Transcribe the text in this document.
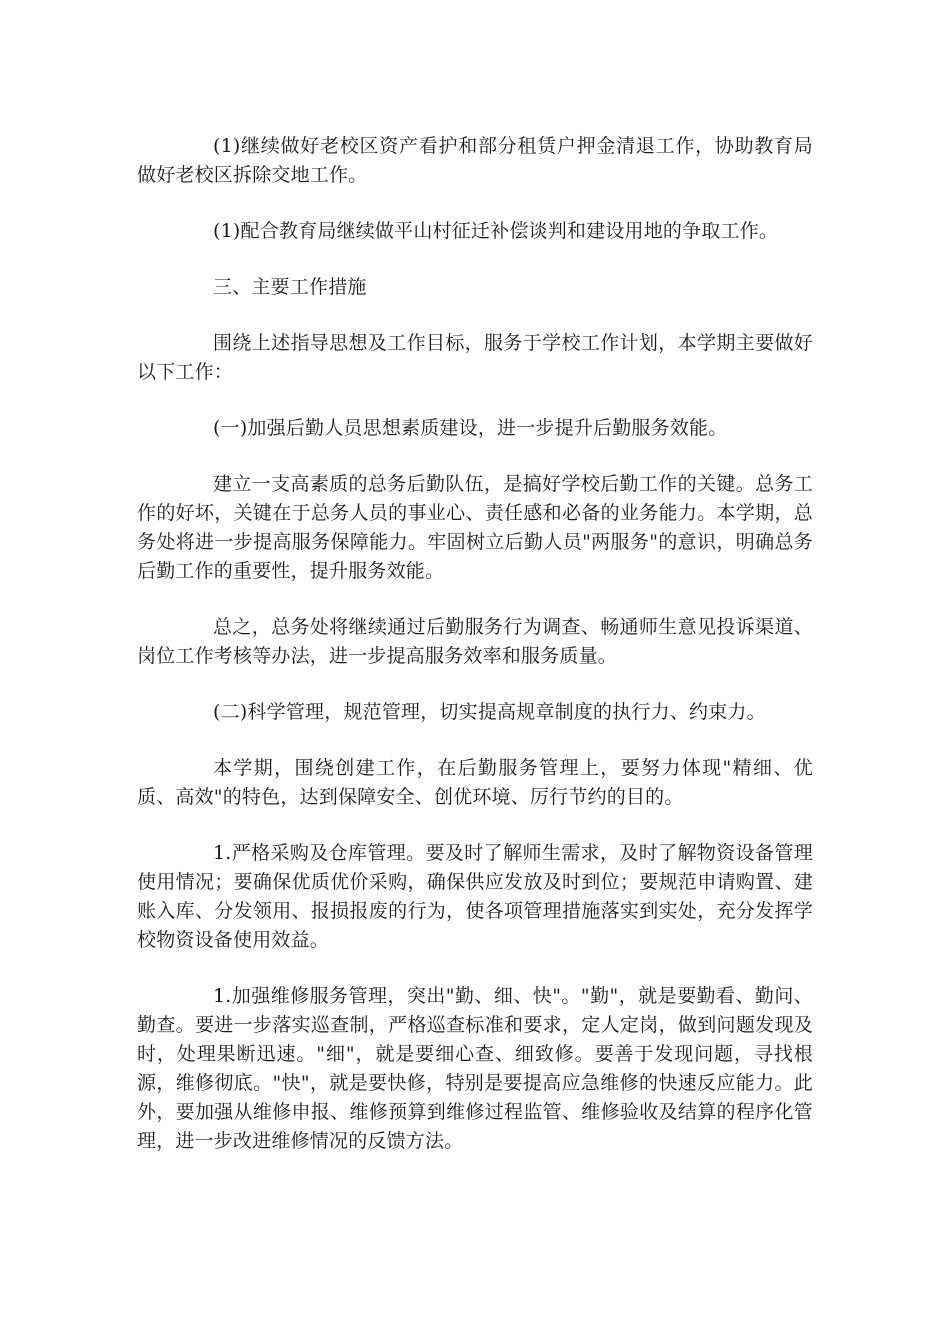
(1)继续做好老校区资产看护和部分租赁户押金清退工作，协助教育局做好老校区拆除交地工作。

(1)配合教育局继续做平山村征迁补偿谈判和建设用地的争取工作。

三、主要工作措施

围绕上述指导思想及工作目标，服务于学校工作计划，本学期主要做好以下工作：

(一)加强后勤人员思想素质建设，进一步提升后勤服务效能。

建立一支高素质的总务后勤队伍，是搞好学校后勤工作的关键。总务工作的好坏，关键在于总务人员的事业心、责任感和必备的业务能力。本学期，总务处将进一步提高服务保障能力。牢固树立后勤人员"两服务"的意识，明确总务后勤工作的重要性，提升服务效能。

总之，总务处将继续通过后勤服务行为调查、畅通师生意见投诉渠道、岗位工作考核等办法，进一步提高服务效率和服务质量。

(二)科学管理，规范管理，切实提高规章制度的执行力、约束力。

本学期，围绕创建工作，在后勤服务管理上，要努力体现"精细、优质、高效"的特色，达到保障安全、创优环境、厉行节约的目的。

1.严格采购及仓库管理。要及时了解师生需求，及时了解物资设备管理使用情况；要确保优质优价采购，确保供应发放及时到位；要规范申请购置、建账入库、分发领用、报损报废的行为，使各项管理措施落实到实处，充分发挥学校物资设备使用效益。

1.加强维修服务管理，突出"勤、细、快"。"勤"，就是要勤看、勤问、勤查。要进一步落实巡查制，严格巡查标准和要求，定人定岗，做到问题发现及时，处理果断迅速。"细"，就是要细心查、细致修。要善于发现问题，寻找根源，维修彻底。"快"，就是要快修，特别是要提高应急维修的快速反应能力。此外，要加强从维修申报、维修预算到维修过程监管、维修验收及结算的程序化管理，进一步改进维修情况的反馈方法。
